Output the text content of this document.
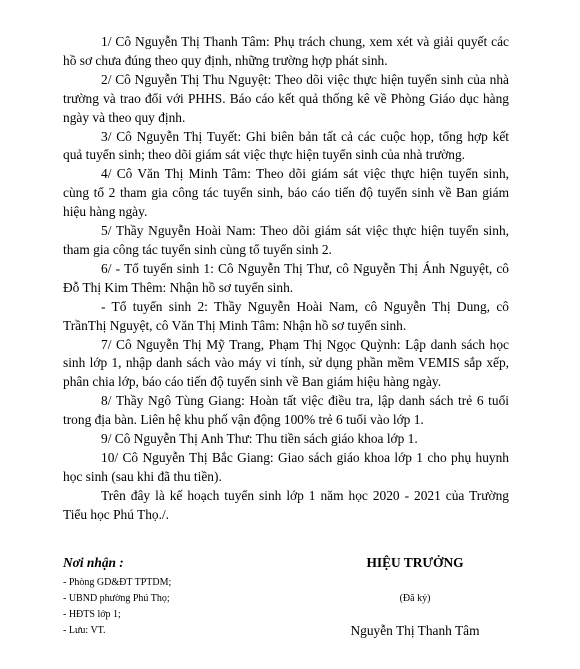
1/ Cô Nguyễn Thị Thanh Tâm: Phụ trách chung, xem xét và giải quyết các hồ sơ chưa đúng theo quy định, những trường hợp phát sinh.

2/ Cô Nguyễn Thị Thu Nguyệt: Theo dõi việc thực hiện tuyển sinh của nhà trường và trao đổi với PHHS. Báo cáo kết quả thống kê về Phòng Giáo dục hàng ngày và theo quy định.

3/ Cô Nguyễn Thị Tuyết: Ghi biên bản tất cả các cuộc họp, tổng hợp kết quả tuyển sinh; theo dõi giám sát việc thực hiện tuyển sinh của nhà trường.

4/ Cô Văn Thị Minh Tâm: Theo dõi giám sát việc thực hiện tuyển sinh, cùng tổ 2 tham gia công tác tuyển sinh, báo cáo tiến độ tuyển sinh về Ban giám hiệu hàng ngày.

5/ Thầy Nguyễn Hoài Nam: Theo dõi giám sát việc thực hiện tuyển sinh, tham gia công tác tuyển sinh cùng tổ tuyển sinh 2.

6/ - Tổ tuyển sinh 1: Cô Nguyễn Thị Thư, cô Nguyễn Thị Ánh Nguyệt, cô Đỗ Thị Kim Thêm: Nhận hồ sơ tuyển sinh.

- Tổ tuyển sinh 2: Thầy Nguyễn Hoài Nam, cô Nguyễn Thị Dung, cô TrầnThị Nguyệt, cô Văn Thị Minh Tâm: Nhận hồ sơ tuyển sinh.

7/ Cô Nguyễn Thị Mỹ Trang, Phạm Thị Ngọc Quỳnh: Lập danh sách học sinh lớp 1, nhập danh sách vào máy vi tính, sử dụng phần mềm VEMIS sắp xếp, phân chia lớp, báo cáo tiến độ tuyển sinh về Ban giám hiệu hàng ngày.

8/ Thầy Ngô Tùng Giang: Hoàn tất việc điều tra, lập danh sách trẻ 6 tuổi trong địa bàn. Liên hệ khu phố vận động 100% trẻ 6 tuổi vào lớp 1.

9/ Cô Nguyễn Thị Anh Thư: Thu tiền sách giáo khoa lớp 1.

10/ Cô Nguyễn Thị Bắc Giang: Giao sách giáo khoa lớp 1 cho phụ huynh học sinh (sau khi đã thu tiền).

Trên đây là kế hoạch tuyển sinh lớp 1 năm học 2020 - 2021 của Trường Tiểu học Phú Thọ./.

Nơi nhận :
- Phòng GD&ĐT TPTDM;
- UBND phường Phú Thọ;
- HĐTS lớp 1;
- Lưu: VT.
HIỆU TRƯỞNG
(Đã ký)
Nguyễn Thị Thanh Tâm
